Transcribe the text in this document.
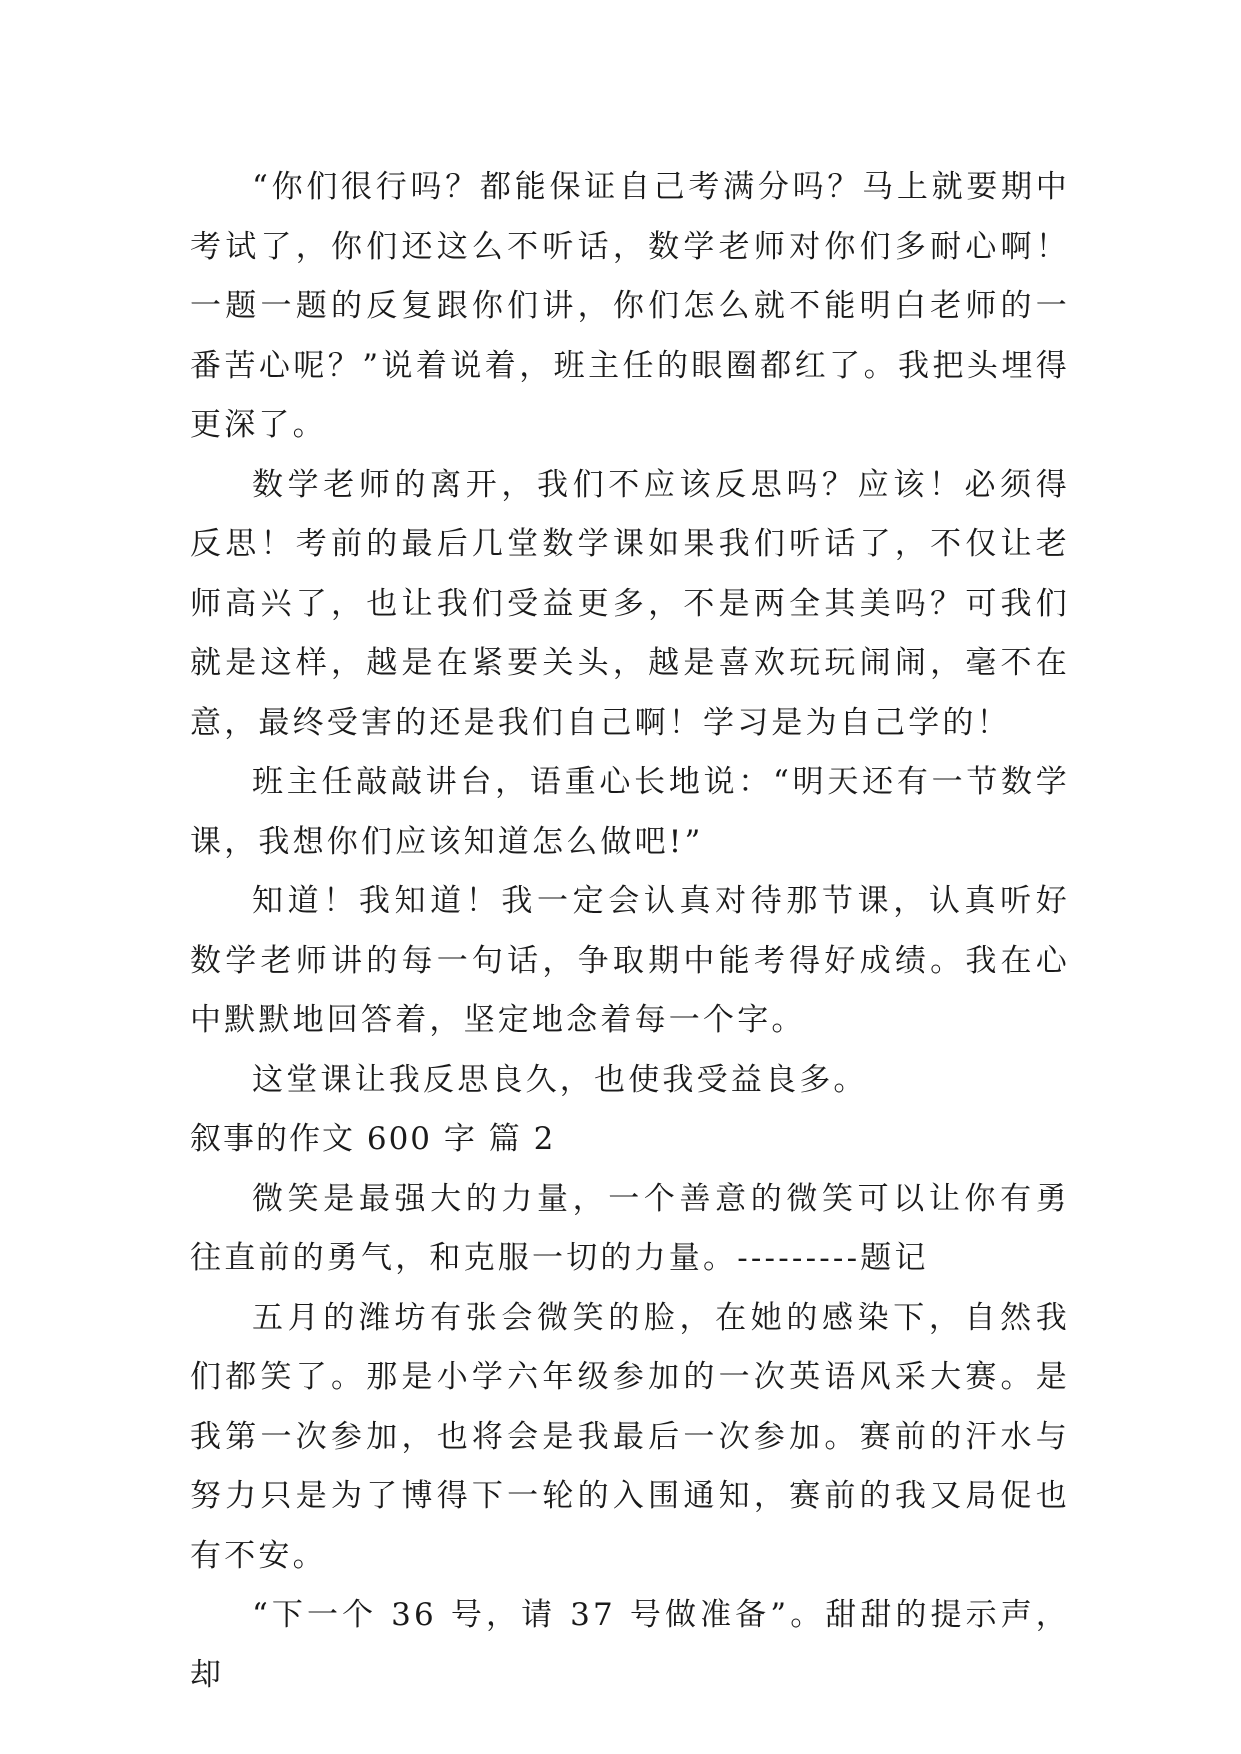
“你们很行吗？都能保证自己考满分吗？马上就要期中考试了，你们还这么不听话，数学老师对你们多耐心啊！一题一题的反复跟你们讲，你们怎么就不能明白老师的一番苦心呢？”说着说着，班主任的眼圈都红了。我把头埋得更深了。

数学老师的离开，我们不应该反思吗？应该！必须得反思！考前的最后几堂数学课如果我们听话了，不仅让老师高兴了，也让我们受益更多，不是两全其美吗？可我们就是这样，越是在紧要关头，越是喜欢玩玩闹闹，毫不在意，最终受害的还是我们自己啊！学习是为自己学的！

班主任敲敲讲台，语重心长地说：“明天还有一节数学课，我想你们应该知道怎么做吧!”

知道！我知道！我一定会认真对待那节课，认真听好数学老师讲的每一句话，争取期中能考得好成绩。我在心中默默地回答着，坚定地念着每一个字。

这堂课让我反思良久，也使我受益良多。

叙事的作文 600 字 篇 2

微笑是最强大的力量，一个善意的微笑可以让你有勇往直前的勇气，和克服一切的力量。---------题记

五月的潍坊有张会微笑的脸，在她的感染下，自然我们都笑了。那是小学六年级参加的一次英语风采大赛。是我第一次参加，也将会是我最后一次参加。赛前的汗水与努力只是为了博得下一轮的入围通知，赛前的我又局促也有不安。

“下一个 36 号，请 37 号做准备”。甜甜的提示声，却
